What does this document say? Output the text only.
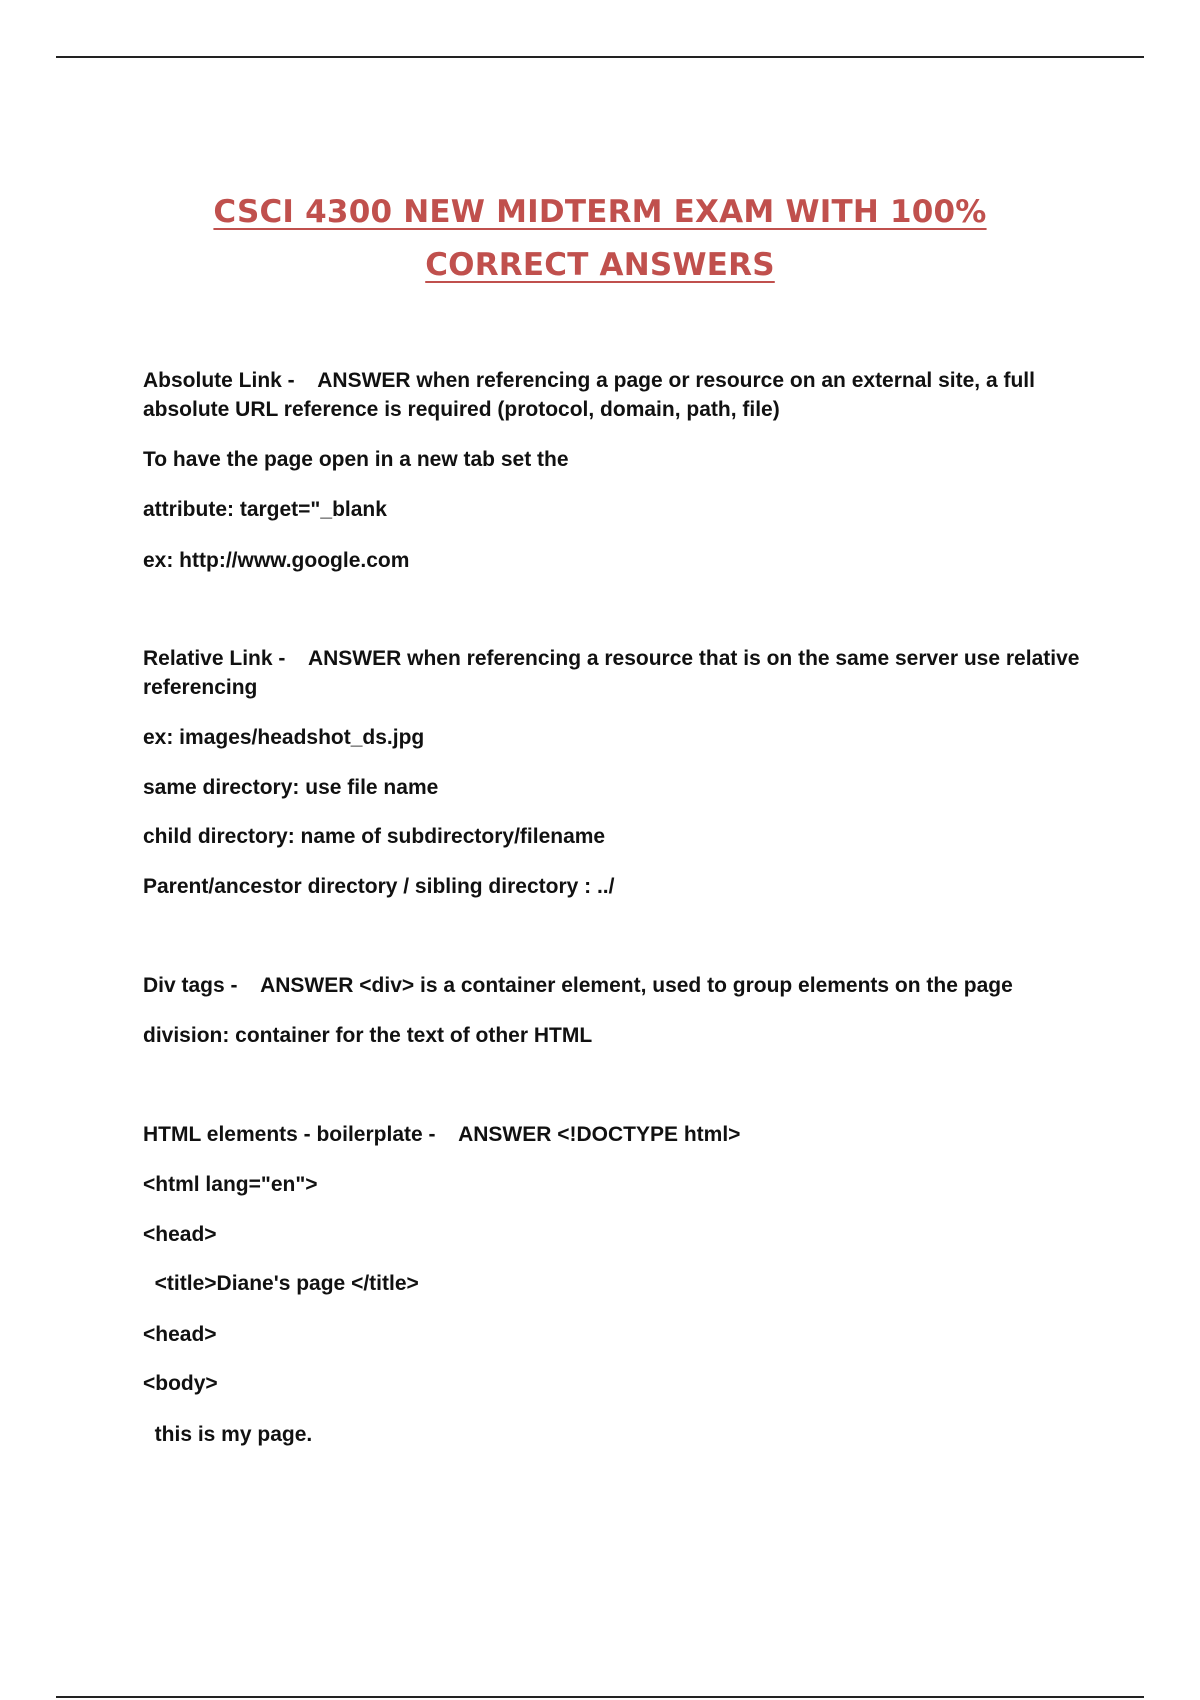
CSCI 4300 NEW MIDTERM EXAM WITH 100%
CORRECT ANSWERS
Absolute Link - ANSWER when referencing a page or resource on an external site, a full absolute URL reference is required (protocol, domain, path, file)
To have the page open in a new tab set the
attribute: target="_blank
ex: http://www.google.com
Relative Link - ANSWER when referencing a resource that is on the same server use relative referencing
ex: images/headshot_ds.jpg
same directory: use file name
child directory: name of subdirectory/filename
Parent/ancestor directory / sibling directory : ../
Div tags - ANSWER <div> is a container element, used to group elements on the page
division: container for the text of other HTML
HTML elements - boilerplate - ANSWER <!DOCTYPE html>
<html lang="en">
<head>
<title>Diane's page </title>
<head>
<body>
this is my page.
